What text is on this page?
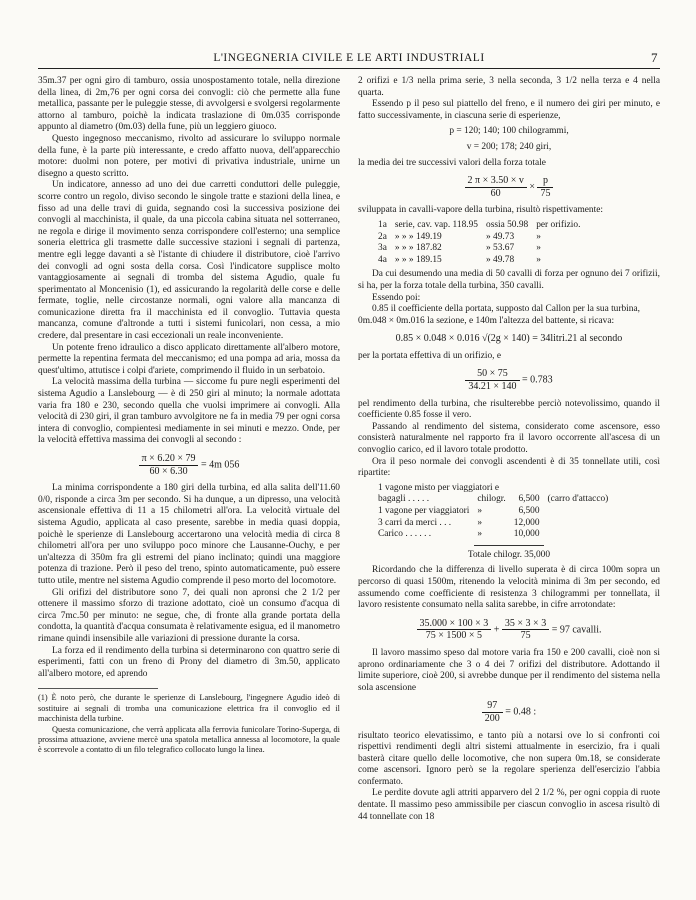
L'INGEGNERIA CIVILE E LE ARTI INDUSTRIALI	7

35m.37 per ogni giro di tamburo, ossia unospostamento totale, nella direzione della linea, di 2m,76 per ogni corsa dei convogli: ciò che permette alla fune metallica, passante per le puleggie stesse, di avvolgersi e svolgersi regolarmente attorno al tamburo, poichè la indicata traslazione di 0m.035 corrisponde appunto al diametro (0m.03) della fune, più un leggiero giuoco.

Questo ingegnoso meccanismo, rivolto ad assicurare lo sviluppo normale della fune, è la parte più interessante, e credo affatto nuova, dell'apparecchio motore: duolmi non potere, per motivi di privativa industriale, unirne un disegno a questo scritto.

Un indicatore, annesso ad uno dei due carretti conduttori delle puleggie, scorre contro un regolo, diviso secondo le singole tratte e stazioni della linea, e fisso ad una delle travi di guida, segnando così la successiva posizione dei convogli al macchinista, il quale, da una piccola cabina situata nel sotterraneo, ne regola e dirige il movimento senza corrispondere coll'esterno; una semplice soneria elettrica gli trasmette dalle successive stazioni i segnali di partenza, mentre egli legge davanti a sè l'istante di chiudere il distributore, cioè l'arrivo dei convogli ad ogni sosta della corsa. Così l'indicatore supplisce molto vantaggiosamente ai segnali di tromba del sistema Agudio, quale fu sperimentato al Moncenisio (1), ed assicurando la regolarità delle corse e delle fermate, toglie, nelle circostanze normali, ogni valore alla mancanza di comunicazione diretta fra il macchinista ed il convoglio. Tuttavia questa mancanza, comune d'altronde a tutti i sistemi funicolari, non cessa, a mio credere, dal presentare in casi eccezionali un reale inconveniente.

Un potente freno idraulico a disco applicato direttamente all'albero motore, permette la repentina fermata del meccanismo; ed una pompa ad aria, mossa da quest'ultimo, attutisce i colpi d'ariete, comprimendo il fluido in un serbatoio.

La velocità massima della turbina — siccome fu pure negli esperimenti del sistema Agudio a Lanslebourg — è di 250 giri al minuto; la normale adottata varia fra 180 e 230, secondo quella che vuolsi imprimere ai convogli. Alla velocità di 230 giri, il gran tamburo avvolgitore ne fa in media 79 per ogni corsa intera di convoglio, compientesi mediamente in sei minuti e mezzo. Onde, per la velocità effettiva massima dei convogli al secondo :

$\frac{\pi \times 6.20 \times 79}{60 \times 6.30} = 4m$ 056

La minima corrispondente a 180 giri della turbina, ed alla salita dell'11.60 0/0, risponde a circa 3m per secondo. Si ha dunque, a un dipresso, una velocità ascensionale effettiva di 11 a 15 chilometri all'ora. La velocità virtuale del sistema Agudio, applicata al caso presente, sarebbe in media quasi doppia, poichè le sperienze di Lanslebourg accertarono una velocità media di circa 8 chilometri all'ora per uno sviluppo poco minore che Lausanne-Ouchy, e per un'altezza di 350m fra gli estremi del piano inclinato; quindi una maggiore potenza di trazione. Però il peso del treno, spinto automaticamente, può essere tutto utile, mentre nel sistema Agudio comprende il peso morto del locomotore.

Gli orifizi del distributore sono 7, dei quali non apronsi che 2 1/2 per ottenere il massimo sforzo di trazione adottato, cioè un consumo d'acqua di circa 7mc.50 per minuto: ne segue, che, di fronte alla grande portata della condotta, la quantità d'acqua consumata è relativamente esigua, ed il manometro rimane quindi insensibile alle variazioni di pressione durante la corsa.

La forza ed il rendimento della turbina si determinarono con quattro serie di esperimenti, fatti con un freno di Prony del diametro di 3m.50, applicato all'albero motore, ed aprendo

(1) È noto però, che durante le sperienze di Lanslebourg, l'ingegnere Agudio ideò di sostituire ai segnali di tromba una comunicazione elettrica fra il convoglio ed il macchinista della turbine.

Questa comunicazione, che verrà applicata alla ferrovia funicolare Torino-Superga, di prossima attuazione, avviene mercè una spatola metallica annessa al locomotore, la quale è scorrevole a contatto di un filo telegrafico collocato lungo la linea.

2 orifizi e 1/3 nella prima serie, 3 nella seconda, 3 1/2 nella terza e 4 nella quarta.

Essendo p il peso sul piattello del freno, e il numero dei giri per minuto, e fatto successivamente, in ciascuna serie di esperienze,

p = 120; 140; 100 chilogrammi,
v = 200; 178; 240 giri,

la media dei tre successivi valori della forza totale

$\frac{2 \pi \times 3.50 \times v}{60} \times \frac{p}{75}$

sviluppata in cavalli-vapore della turbina, risultò rispettivamente:

1a	serie, cav. vap. 118.95	ossia 50.98	per orifizio.
2a	» » » 149.19	» 49.73	»
3a	» » » 187.82	» 53.67	»
4a	» » » 189.15	» 49.78	»

Da cui desumendo una media di 50 cavalli di forza per ognuno dei 7 orifizii, si ha, per la forza totale della turbina, 350 cavalli.

Essendo poi:

0.85 il coefficiente della portata, supposto dal Callon per la sua turbina,

0m.048 × 0m.016 la sezione, e 140m l'altezza del battente, si ricava:

0.85 × 0.048 × 0.016 √(2g × 140) = 34litri.21 al secondo

per la portata effettiva di un orifizio, e

$\frac{50 \times 75}{34.21 \times 140} = 0.783$

pel rendimento della turbina, che risulterebbe perciò notevolissimo, quando il coefficiente 0.85 fosse il vero.

Passando al rendimento del sistema, considerato come ascensore, esso consisterà naturalmente nel rapporto fra il lavoro occorrente all'ascesa di un convoglio carico, ed il lavoro totale prodotto.

Ora il peso normale dei convogli ascendenti è di 35 tonnellate utili, così ripartite:

1 vagone misto per viaggiatori e			
bagagli . . . . .	chilogr.	6,500	(carro d'attacco)
1 vagone per viaggiatori	»	6,500	
3 carri da merci . . .	»	12,000	
Carico . . . . . .	»	10,000	
Totale chilogr. 35,000

Ricordando che la differenza di livello superata è di circa 100m sopra un percorso di quasi 1500m, ritenendo la velocità minima di 3m per secondo, ed assumendo come coefficiente di resistenza 3 chilogrammi per tonnellata, il lavoro resistente consumato nella salita sarebbe, in cifre arrotondate:

$\frac{35.000 \times 100 \times 3}{75 \times 1500 \times 5} + \frac{35 \times 3 \times 3}{75} = 97$ cavalli.

Il lavoro massimo speso dal motore varia fra 150 e 200 cavalli, cioè non si aprono ordinariamente che 3 o 4 dei 7 orifizi del distributore. Adottando il limite superiore, cioè 200, si avrebbe dunque per il rendimento del sistema nella sola ascensione

$\frac{97}{200} = 0.48$ :

risultato teorico elevatissimo, e tanto più a notarsi ove lo si confronti coi rispettivi rendimenti degli altri sistemi attualmente in esercizio, fra i quali basterà citare quello delle locomotive, che non supera 0m.18, se considerate come ascensori. Ignoro però se la regolare sperienza dell'esercizio l'abbia confermato.

Le perdite dovute agli attriti apparvero del 2 1/2 %, per ogni coppia di ruote dentate. Il massimo peso ammissibile per ciascun convoglio in ascesa risultò di 44 tonnellate con 18
